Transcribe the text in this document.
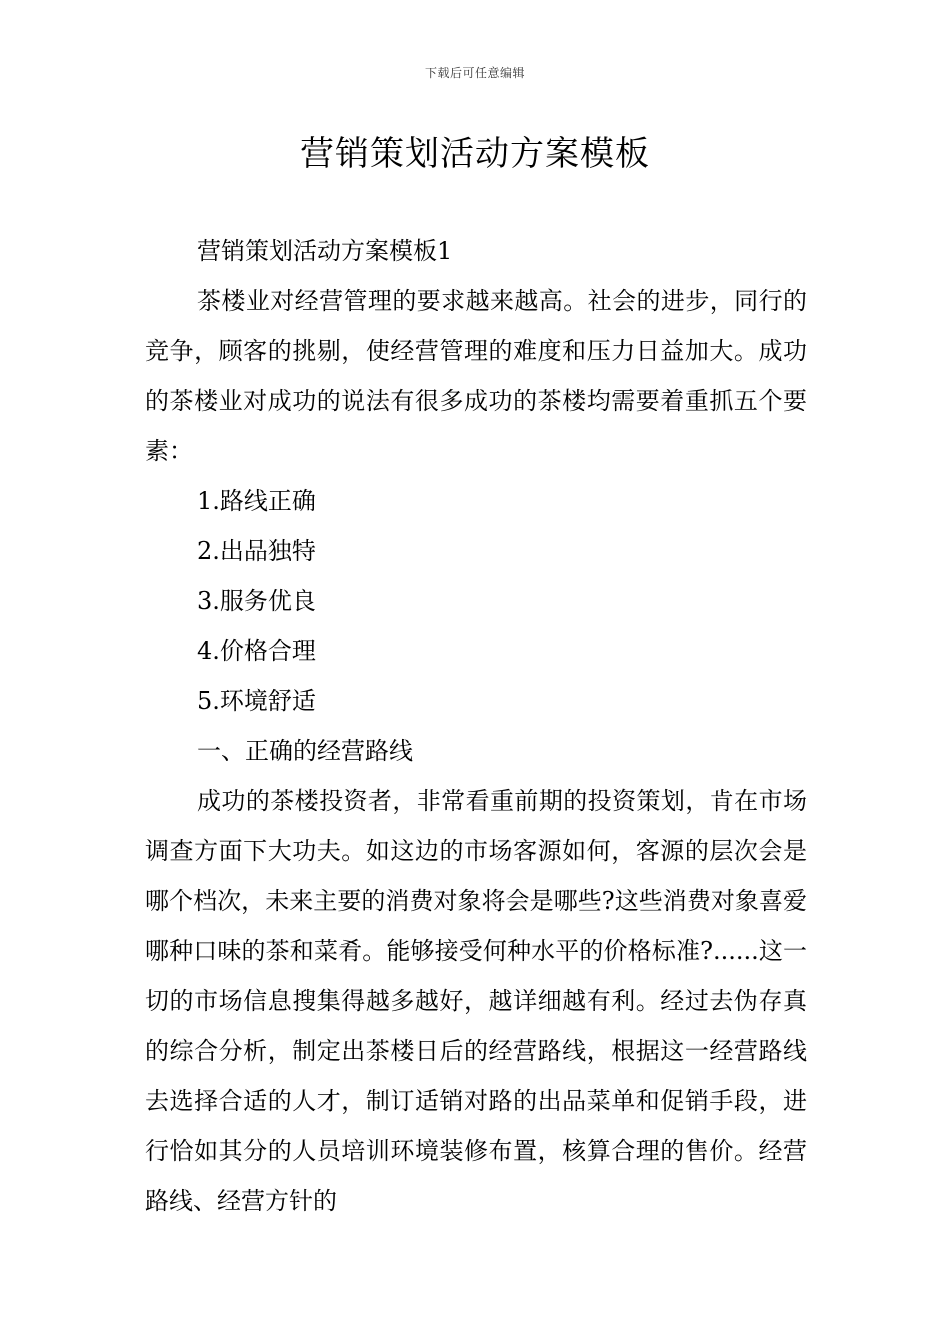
下载后可任意编辑
营销策划活动方案模板

营销策划活动方案模板1

茶楼业对经营管理的要求越来越高。社会的进步，同行的竞争，顾客的挑剔，使经营管理的难度和压力日益加大。成功的茶楼业对成功的说法有很多成功的茶楼均需要着重抓五个要素：

1.路线正确

2.出品独特

3.服务优良

4.价格合理

5.环境舒适

一、正确的经营路线

成功的茶楼投资者，非常看重前期的投资策划，肯在市场调查方面下大功夫。如这边的市场客源如何，客源的层次会是哪个档次，未来主要的消费对象将会是哪些?这些消费对象喜爱哪种口味的茶和菜肴。能够接受何种水平的价格标准?......这一切的市场信息搜集得越多越好，越详细越有利。经过去伪存真的综合分析，制定出茶楼日后的经营路线，根据这一经营路线去选择合适的人才，制订适销对路的出品菜单和促销手段，进行恰如其分的人员培训环境装修布置，核算合理的售价。经营路线、经营方针的
